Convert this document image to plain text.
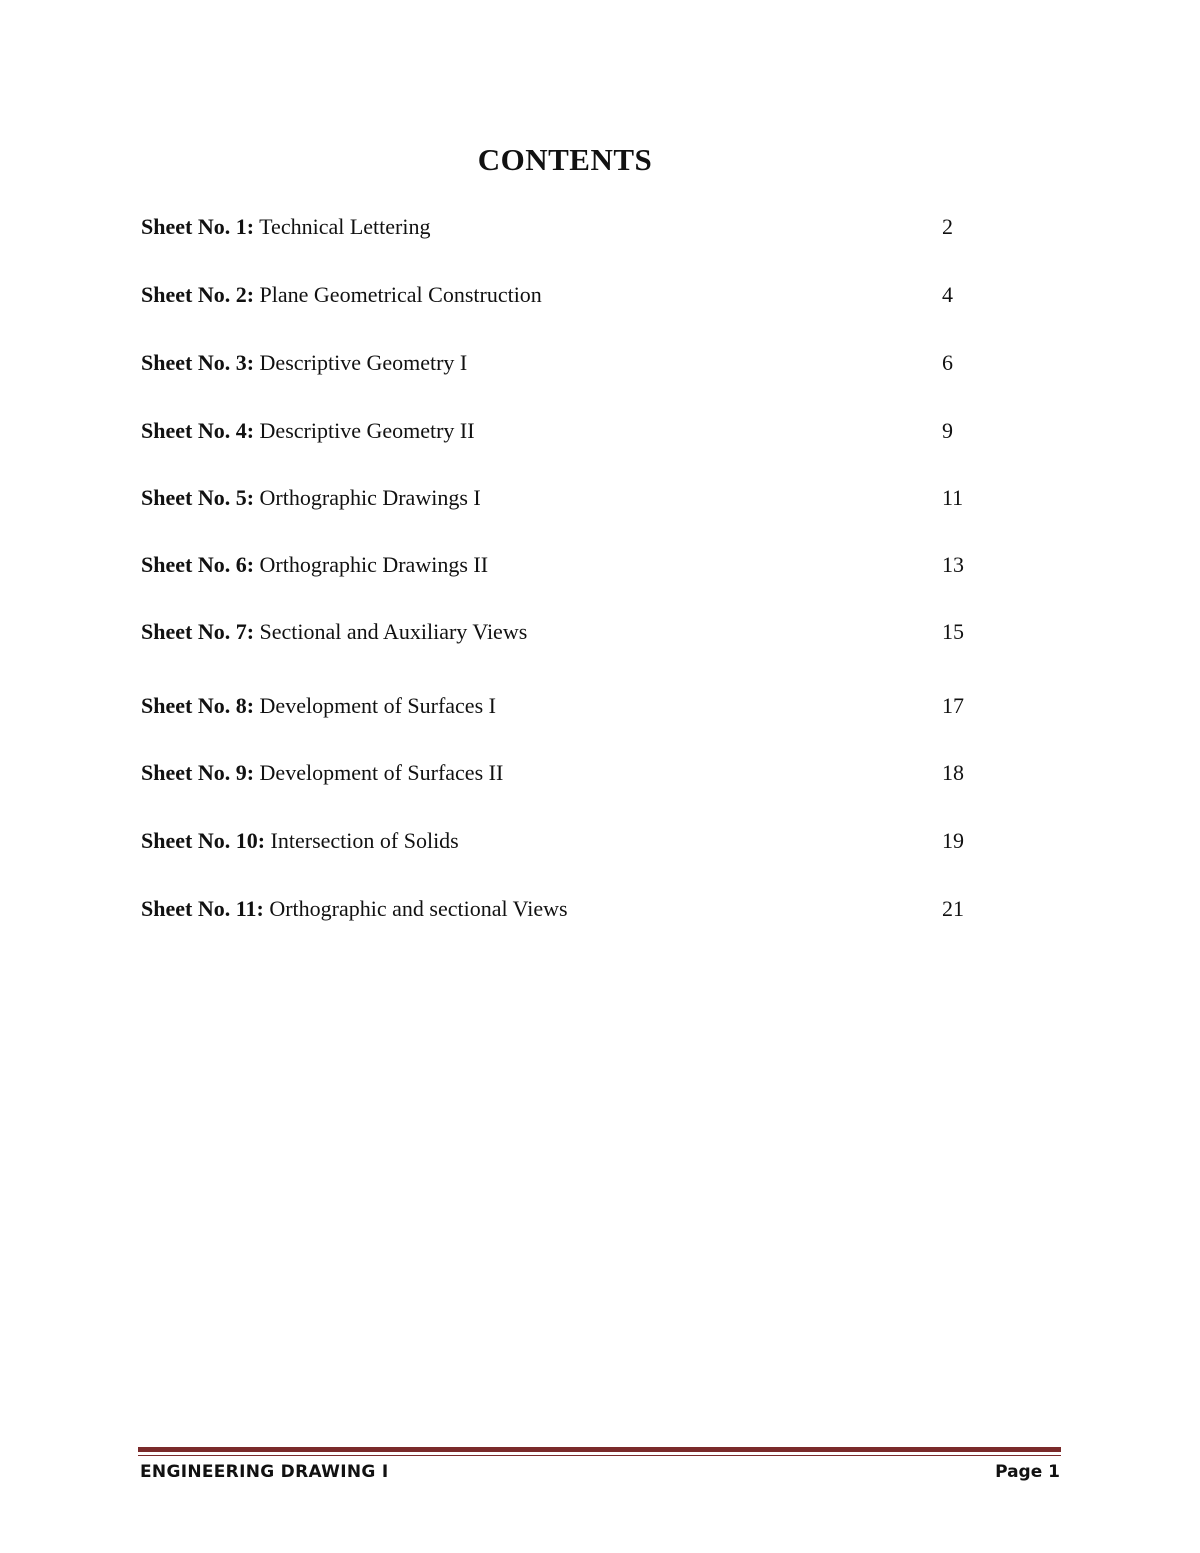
CONTENTS
Sheet No. 1: Technical Lettering	2
Sheet No. 2: Plane Geometrical Construction	4
Sheet No. 3: Descriptive Geometry I	6
Sheet No. 4: Descriptive Geometry II	9
Sheet No. 5: Orthographic Drawings I	11
Sheet No. 6: Orthographic Drawings II	13
Sheet No. 7: Sectional and Auxiliary Views	15
Sheet No. 8: Development of Surfaces I	17
Sheet No. 9: Development of Surfaces II	18
Sheet No. 10: Intersection of Solids	19
Sheet No. 11: Orthographic and sectional Views	21
ENGINEERING DRAWING I	Page 1
